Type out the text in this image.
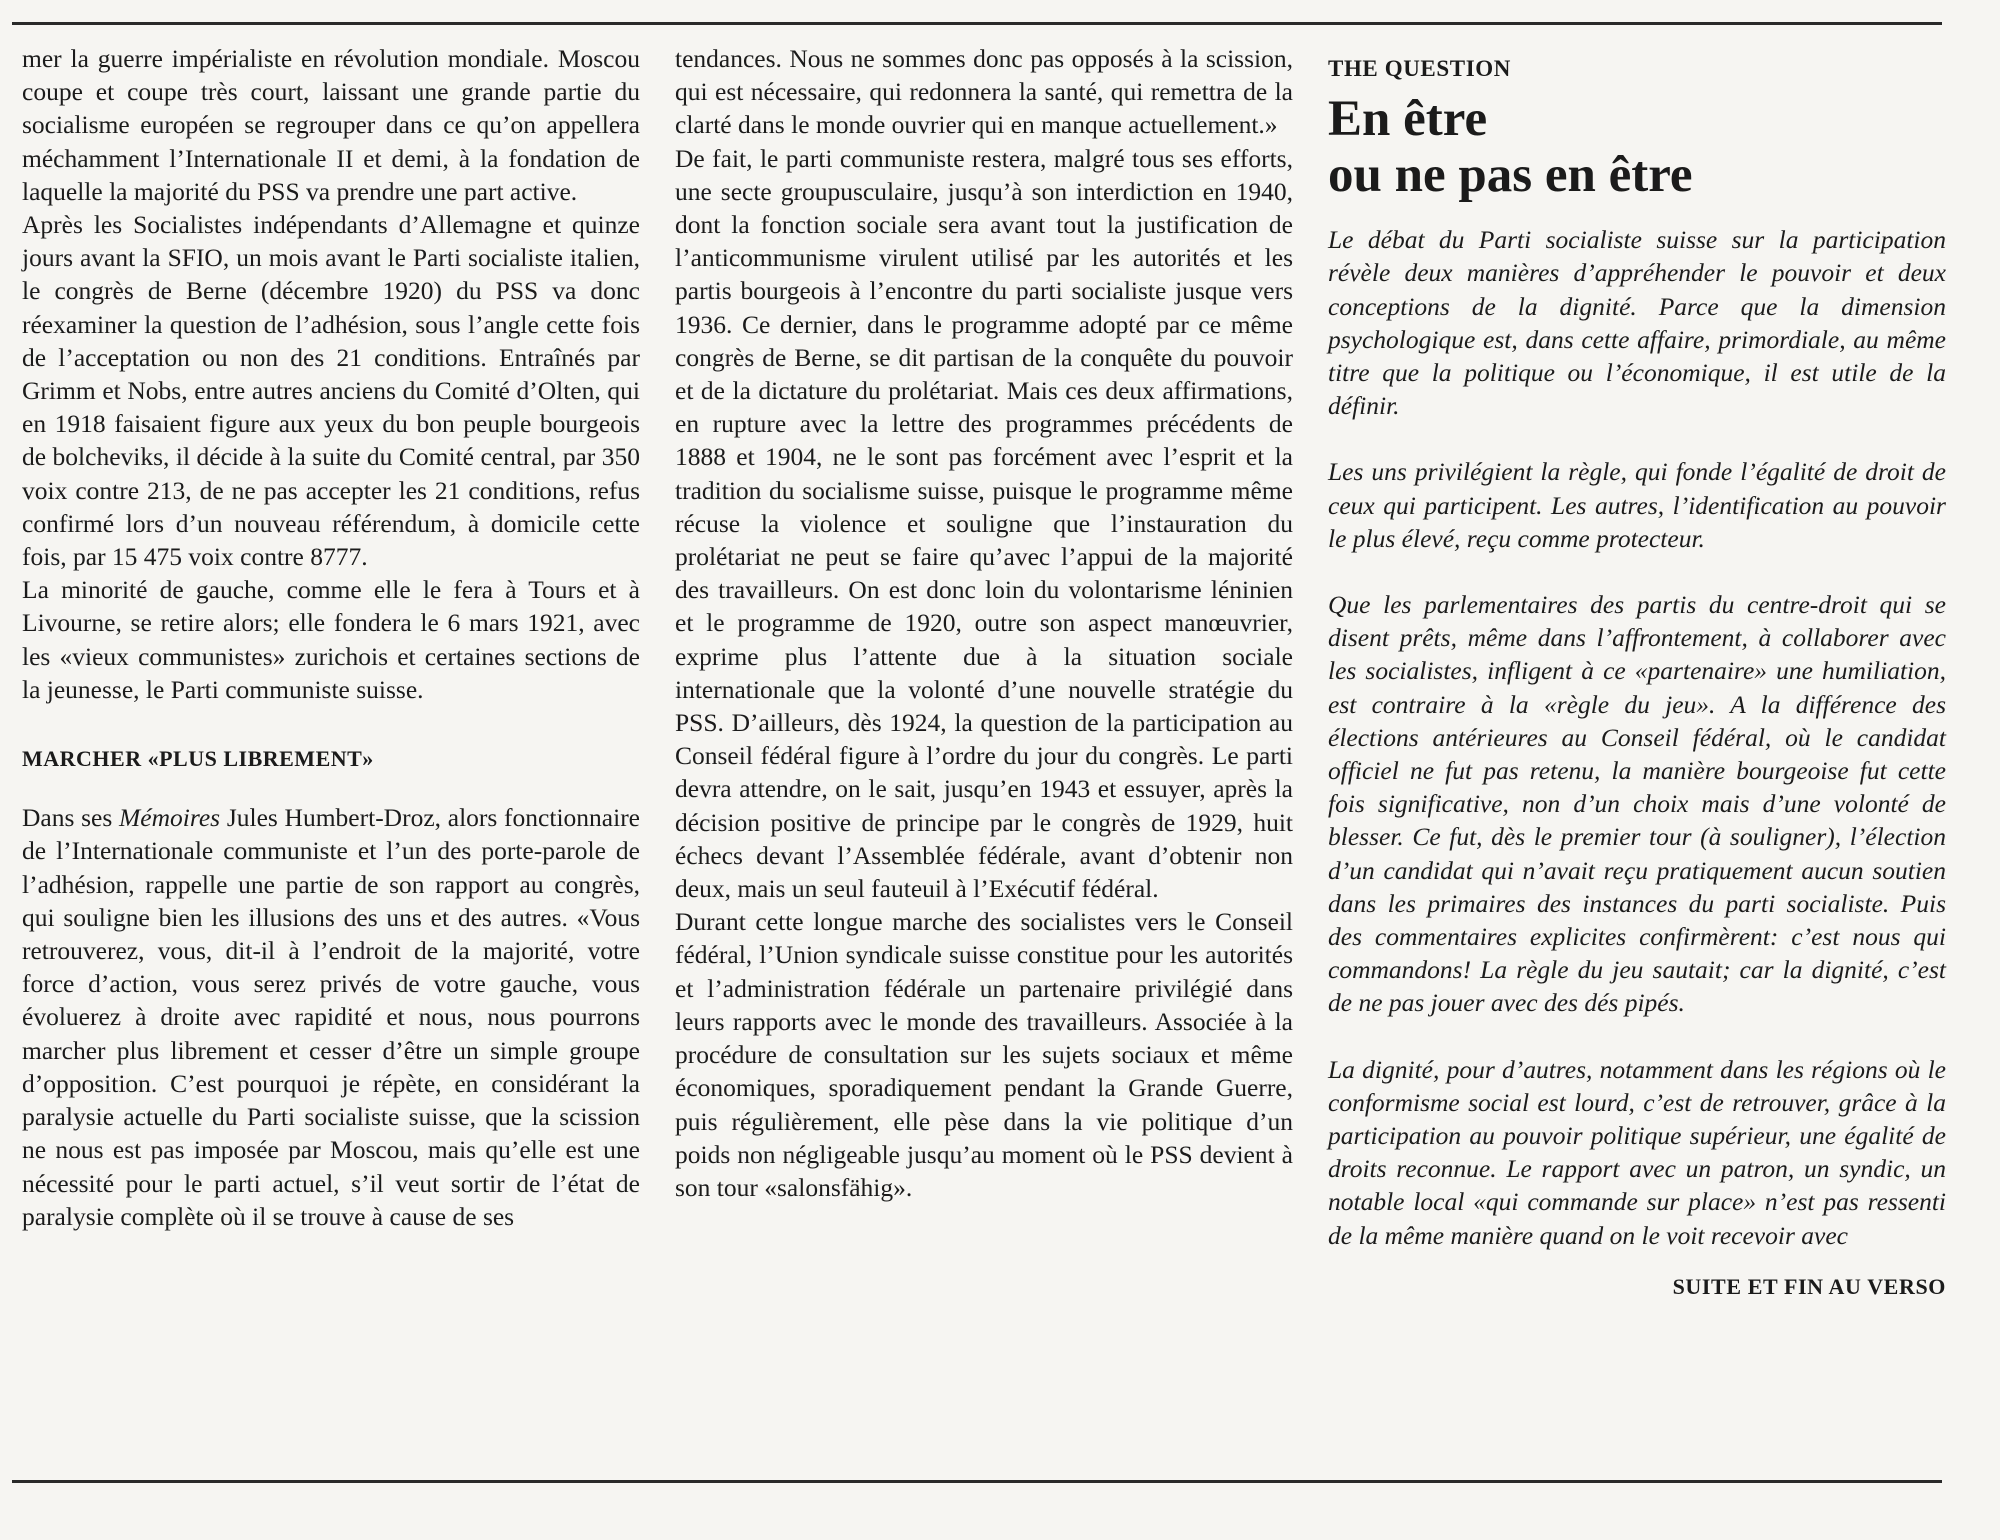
mer la guerre impérialiste en révolution mondiale. Moscou coupe et coupe très court, laissant une grande partie du socialisme européen se regrouper dans ce qu’on appellera méchamment l’Internationale II et demi, à la fondation de laquelle la majorité du PSS va prendre une part active.

Après les Socialistes indépendants d’Allemagne et quinze jours avant la SFIO, un mois avant le Parti socialiste italien, le congrès de Berne (décembre 1920) du PSS va donc réexaminer la question de l’adhésion, sous l’angle cette fois de l’acceptation ou non des 21 conditions. Entraînés par Grimm et Nobs, entre autres anciens du Comité d’Olten, qui en 1918 faisaient figure aux yeux du bon peuple bourgeois de bolcheviks, il décide à la suite du Comité central, par 350 voix contre 213, de ne pas accepter les 21 conditions, refus confirmé lors d’un nouveau référendum, à domicile cette fois, par 15 475 voix contre 8777.

La minorité de gauche, comme elle le fera à Tours et à Livourne, se retire alors; elle fondera le 6 mars 1921, avec les «vieux communistes» zurichois et certaines sections de la jeunesse, le Parti communiste suisse.

MARCHER «PLUS LIBREMENT»

Dans ses Mémoires Jules Humbert-Droz, alors fonctionnaire de l’Internationale communiste et l’un des porte-parole de l’adhésion, rappelle une partie de son rapport au congrès, qui souligne bien les illusions des uns et des autres. «Vous retrouverez, vous, dit-il à l’endroit de la majorité, votre force d’action, vous serez privés de votre gauche, vous évoluerez à droite avec rapidité et nous, nous pourrons marcher plus librement et cesser d’être un simple groupe d’opposition. C’est pourquoi je répète, en considérant la paralysie actuelle du Parti socialiste suisse, que la scission ne nous est pas imposée par Moscou, mais qu’elle est une nécessité pour le parti actuel, s’il veut sortir de l’état de paralysie complète où il se trouve à cause de ses

tendances. Nous ne sommes donc pas opposés à la scission, qui est nécessaire, qui redonnera la santé, qui remettra de la clarté dans le monde ouvrier qui en manque actuellement.»

De fait, le parti communiste restera, malgré tous ses efforts, une secte groupusculaire, jusqu’à son interdiction en 1940, dont la fonction sociale sera avant tout la justification de l’anticommunisme virulent utilisé par les autorités et les partis bourgeois à l’encontre du parti socialiste jusque vers 1936. Ce dernier, dans le programme adopté par ce même congrès de Berne, se dit partisan de la conquête du pouvoir et de la dictature du prolétariat. Mais ces deux affirmations, en rupture avec la lettre des programmes précédents de 1888 et 1904, ne le sont pas forcément avec l’esprit et la tradition du socialisme suisse, puisque le programme même récuse la violence et souligne que l’instauration du prolétariat ne peut se faire qu’avec l’appui de la majorité des travailleurs. On est donc loin du volontarisme léninien et le programme de 1920, outre son aspect manœuvrier, exprime plus l’attente due à la situation sociale internationale que la volonté d’une nouvelle stratégie du PSS. D’ailleurs, dès 1924, la question de la participation au Conseil fédéral figure à l’ordre du jour du congrès. Le parti devra attendre, on le sait, jusqu’en 1943 et essuyer, après la décision positive de principe par le congrès de 1929, huit échecs devant l’Assemblée fédérale, avant d’obtenir non deux, mais un seul fauteuil à l’Exécutif fédéral.

Durant cette longue marche des socialistes vers le Conseil fédéral, l’Union syndicale suisse constitue pour les autorités et l’administration fédérale un partenaire privilégié dans leurs rapports avec le monde des travailleurs. Associée à la procédure de consultation sur les sujets sociaux et même économiques, sporadiquement pendant la Grande Guerre, puis régulièrement, elle pèse dans la vie politique d’un poids non négligeable jusqu’au moment où le PSS devient à son tour «salonsfähig».

THE QUESTION
En être
ou ne pas en être

Le débat du Parti socialiste suisse sur la participation révèle deux manières d’appréhender le pouvoir et deux conceptions de la dignité. Parce que la dimension psychologique est, dans cette affaire, primordiale, au même titre que la politique ou l’économique, il est utile de la définir.

Les uns privilégient la règle, qui fonde l’égalité de droit de ceux qui participent. Les autres, l’identification au pouvoir le plus élevé, reçu comme protecteur.

Que les parlementaires des partis du centre-droit qui se disent prêts, même dans l’affrontement, à collaborer avec les socialistes, infligent à ce «partenaire» une humiliation, est contraire à la «règle du jeu». A la différence des élections antérieures au Conseil fédéral, où le candidat officiel ne fut pas retenu, la manière bourgeoise fut cette fois significative, non d’un choix mais d’une volonté de blesser. Ce fut, dès le premier tour (à souligner), l’élection d’un candidat qui n’avait reçu pratiquement aucun soutien dans les primaires des instances du parti socialiste. Puis des commentaires explicites confirmèrent: c’est nous qui commandons! La règle du jeu sautait; car la dignité, c’est de ne pas jouer avec des dés pipés.

La dignité, pour d’autres, notamment dans les régions où le conformisme social est lourd, c’est de retrouver, grâce à la participation au pouvoir politique supérieur, une égalité de droits reconnue. Le rapport avec un patron, un syndic, un notable local «qui commande sur place» n’est pas ressenti de la même manière quand on le voit recevoir avec

SUITE ET FIN AU VERSO
